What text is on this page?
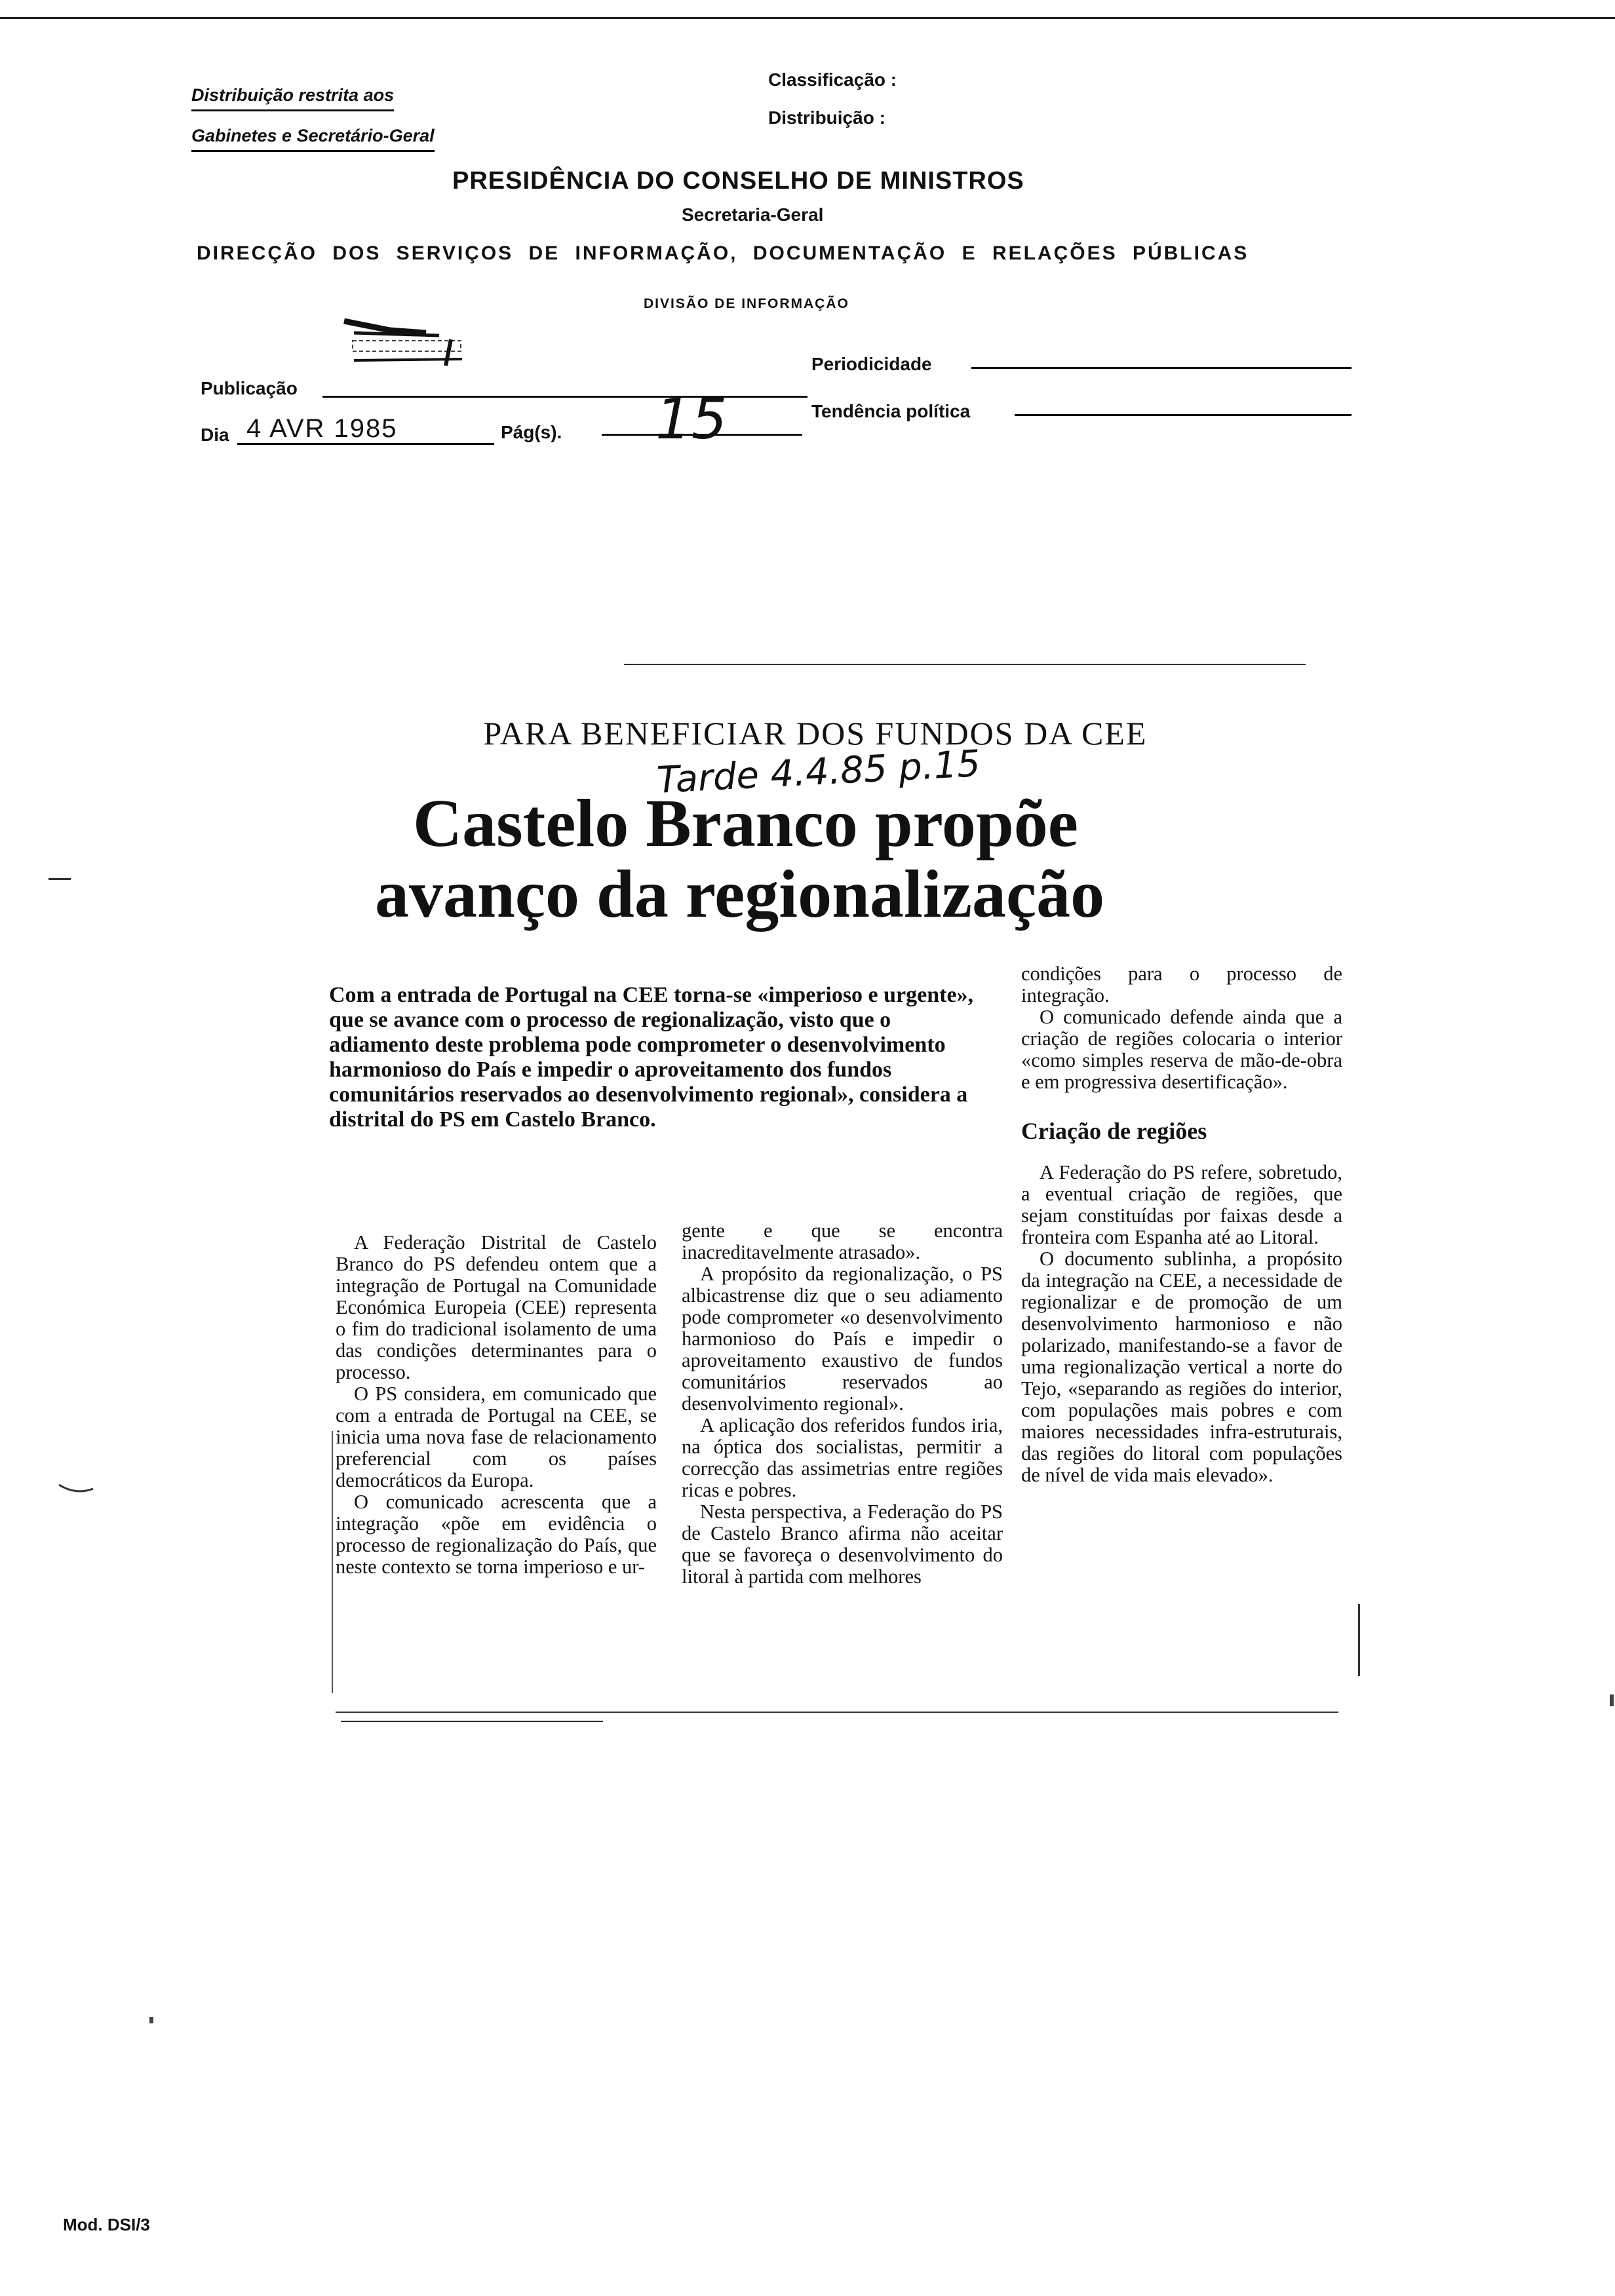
Distribuição restrita aos
Gabinetes e Secretário-Geral
Classificação :
Distribuição :
PRESIDÊNCIA DO CONSELHO DE MINISTROS
Secretaria-Geral
DIRECÇÃO DOS SERVIÇOS DE INFORMAÇÃO, DOCUMENTAÇÃO E RELAÇÕES PÚBLICAS
DIVISÃO DE INFORMAÇÃO
Publicação
Periodicidade
Tendência política
Dia 4 AVR 1985	Pág(s). 15
PARA BENEFICIAR DOS FUNDOS DA CEE
Tarde 4.4.85 p.15
Castelo Branco propõe
avanço da regionalização
Com a entrada de Portugal na CEE torna-se «imperioso e urgente», que se avance com o processo de regionalização, visto que o adiamento deste problema pode comprometer o desenvolvimento harmonioso do País e impedir o aproveitamento dos fundos comunitários reservados ao desenvolvimento regional», considera a distrital do PS em Castelo Branco.

A Federação Distrital de Castelo Branco do PS defendeu ontem que a integração de Portugal na Comunidade Económica Europeia (CEE) representa o fim do tradicional isolamento de uma das condições determinantes para o processo.

O PS considera, em comunicado que com a entrada de Portugal na CEE, se inicia uma nova fase de relacionamento preferencial com os países democráticos da Europa.

O comunicado acrescenta que a integração «põe em evidência o processo de regionalização do País, que neste contexto se torna imperioso e ur-

gente e que se encontra inacreditavelmente atrasado».

A propósito da regionalização, o PS albicastrense diz que o seu adiamento pode comprometer «o desenvolvimento harmonioso do País e impedir o aproveitamento exaustivo de fundos comunitários reservados ao desenvolvimento regional».

A aplicação dos referidos fundos iria, na óptica dos socialistas, permitir a correcção das assimetrias entre regiões ricas e pobres.

Nesta perspectiva, a Federação do PS de Castelo Branco afirma não aceitar que se favoreça o desenvolvimento do litoral à partida com melhores

condições para o processo de integração.

O comunicado defende ainda que a criação de regiões colocaria o interior «como simples reserva de mão-de-obra e em progressiva desertificação».

Criação de regiões

A Federação do PS refere, sobretudo, a eventual criação de regiões, que sejam constituídas por faixas desde a fronteira com Espanha até ao Litoral.

O documento sublinha, a propósito da integração na CEE, a necessidade de regionalizar e de promoção de um desenvolvimento harmonioso e não polarizado, manifestando-se a favor de uma regionalização vertical a norte do Tejo, «separando as regiões do interior, com populações mais pobres e com maiores necessidades infra-estruturais, das regiões do litoral com populações de nível de vida mais elevado».

Mod. DSI/3
